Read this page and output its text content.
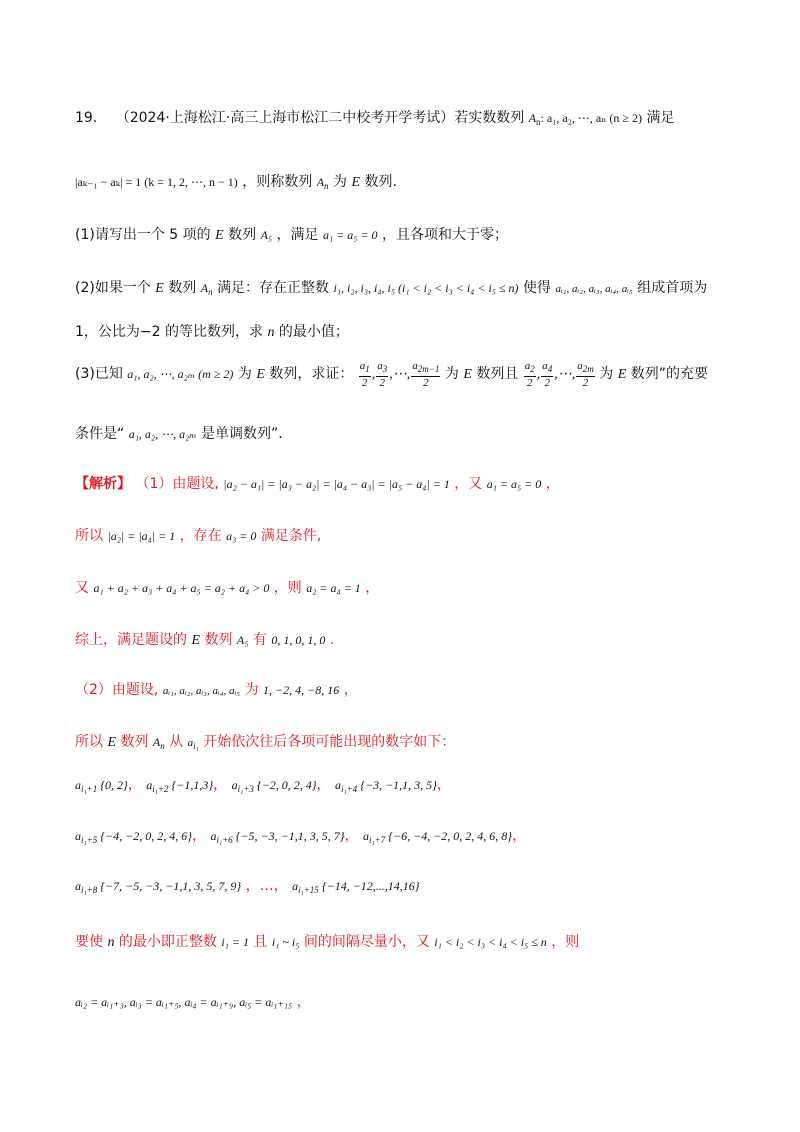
19. （2024·上海松江·高三上海市松江二中校考开学考试）若实数数列 $A_n$: a₁, a₂, ⋯, aₙ (n ≥ 2) 满足
|aₖ₋₁ − aₖ| = 1 (k = 1, 2, ⋯, n − 1) ，则称数列 $A_n$ 为 E 数列.
(1)请写出一个 5 项的 E 数列 A₅ ，满足 a₁ = a₅ = 0 ，且各项和大于零；
(2)如果一个 E 数列 $A_n$ 满足：存在正整数 i₁, i₂, i₃, i₄, i₅ (i₁ < i₂ < i₃ < i₄ < i₅ ≤ n) 使得 aᵢ₁, aᵢ₂, aᵢ₃, aᵢ₄, aᵢ₅ 组成首项为
1，公比为−2 的等比数列，求 n 的最小值；
(3)已知 a₁, a₂, ⋯, a₂ₘ (m ≥ 2) 为 E 数列，求证： $\frac{a_1}{2}$ , $\frac{a_3}{2}$ ,⋯, $\frac{a_{2m-1}}{2}$ 为 E 数列且 $\frac{a_2}{2}$ , $\frac{a_4}{2}$ ,⋯, $\frac{a_{2m}}{2}$ 为 E 数列”的充要
条件是“ a₁, a₂, ⋯, a₂ₘ 是单调数列”.
【解析】 （1）由题设, |a₂ − a₁| = |a₃ − a₂| = |a₄ − a₃| = |a₅ − a₄| = 1 ，又 a₁ = a₅ = 0 ，
所以 |a₂| = |a₄| = 1 ，存在 a₃ = 0 满足条件,
又 a₁ + a₂ + a₃ + a₄ + a₅ = a₂ + a₄ > 0 ，则 a₂ = a₄ = 1 ，
综上，满足题设的 E 数列 A₅ 有 0, 1, 0, 1, 0 .
（2）由题设, aᵢ₁, aᵢ₂, aᵢ₃, aᵢ₄, aᵢ₅ 为 1, −2, 4, −8, 16 ，
所以 E 数列 $A_n$ 从 $a_{i_1}$ 开始依次往后各项可能出现的数字如下：
$a_{i_1+1}$ {0, 2}， $a_{i_1+2}$ {−1,1,3}， $a_{i_1+3}$ {−2, 0, 2, 4}， $a_{i_1+4}$ {−3, −1,1, 3, 5}，
$a_{i_1+5}$ {−4, −2, 0, 2, 4, 6}， $a_{i_1+6}$ {−5, −3, −1,1, 3, 5, 7}， $a_{i_1+7}$ {−6, −4, −2, 0, 2, 4, 6, 8}，
$a_{i_1+8}$ {−7, −5, −3, −1,1, 3, 5, 7, 9} ，…， $a_{i_1+15}$ {−14, −12,...,14,16}
要使 n 的最小即正整数 i₁ = 1 且 i₁ ~ i₅ 间的间隔尽量小，又 i₁ < i₂ < i₃ < i₄ < i₅ ≤ n ，则
aᵢ₂ = aᵢ₁₊₃, aᵢ₃ = aᵢ₁₊₅, aᵢ₄ = aᵢ₁₊₉, aᵢ₅ = aᵢ₁₊₁₅ ，
